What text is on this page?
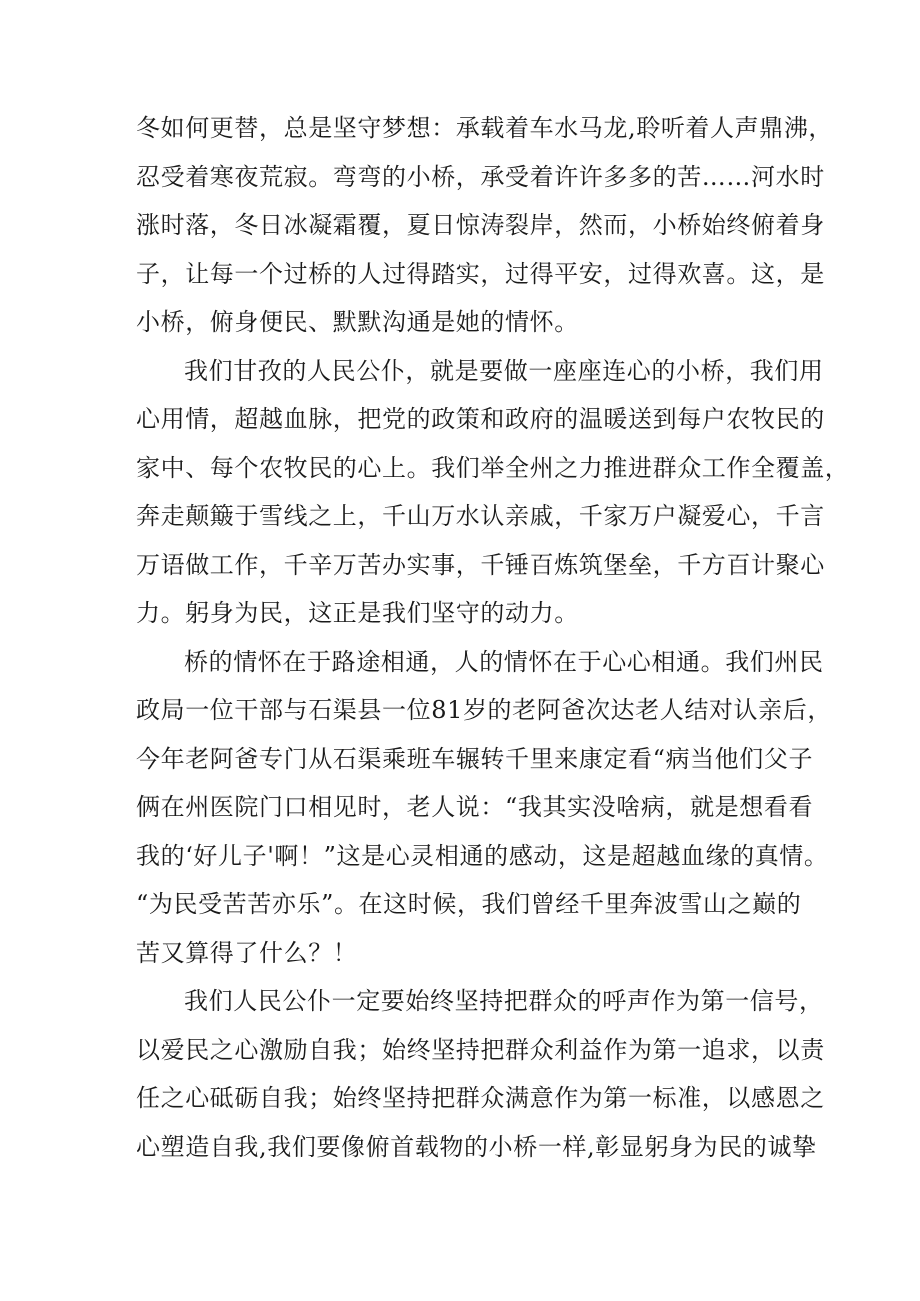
冬如何更替，总是坚守梦想：承载着车水马龙,聆听着人声鼎沸，
忍受着寒夜荒寂。弯弯的小桥，承受着许许多多的苦……河水时
涨时落，冬日冰凝霜覆，夏日惊涛裂岸，然而，小桥始终俯着身
子，让每一个过桥的人过得踏实，过得平安，过得欢喜。这，是
小桥，俯身便民、默默沟通是她的情怀。
我们甘孜的人民公仆，就是要做一座座连心的小桥，我们用
心用情，超越血脉，把党的政策和政府的温暖送到每户农牧民的
家中、每个农牧民的心上。我们举全州之力推进群众工作全覆盖，
奔走颠簸于雪线之上，千山万水认亲戚，千家万户凝爱心，千言
万语做工作，千辛万苦办实事，千锤百炼筑堡垒，千方百计聚心
力。躬身为民，这正是我们坚守的动力。
桥的情怀在于路途相通，人的情怀在于心心相通。我们州民
政局一位干部与石渠县一位81岁的老阿爸次达老人结对认亲后，
今年老阿爸专门从石渠乘班车辗转千里来康定看“病当他们父子
俩在州医院门口相见时，老人说：“我其实没啥病，就是想看看
我的‘好儿子'啊！”这是心灵相通的感动，这是超越血缘的真情。
“为民受苦苦亦乐”。在这时候，我们曾经千里奔波雪山之巅的
苦又算得了什么？！
我们人民公仆一定要始终坚持把群众的呼声作为第一信号，
以爱民之心激励自我；始终坚持把群众利益作为第一追求，以责
任之心砥砺自我；始终坚持把群众满意作为第一标准，以感恩之
心塑造自我,我们要像俯首载物的小桥一样,彰显躬身为民的诚挚
